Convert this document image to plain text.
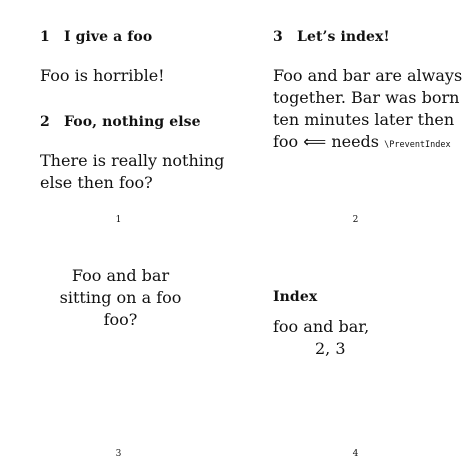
1 I give a foo
Foo is horrible!
2 Foo, nothing else
There is really nothing
else then foo?
1
3 Let’s index!
Foo and bar are always
together. Bar was born
ten minutes later then
foo ⟸ needs \PreventIndex
2
Foo and bar
sitting on a foo
foo?
3
Index
foo and bar,
2, 3
4
